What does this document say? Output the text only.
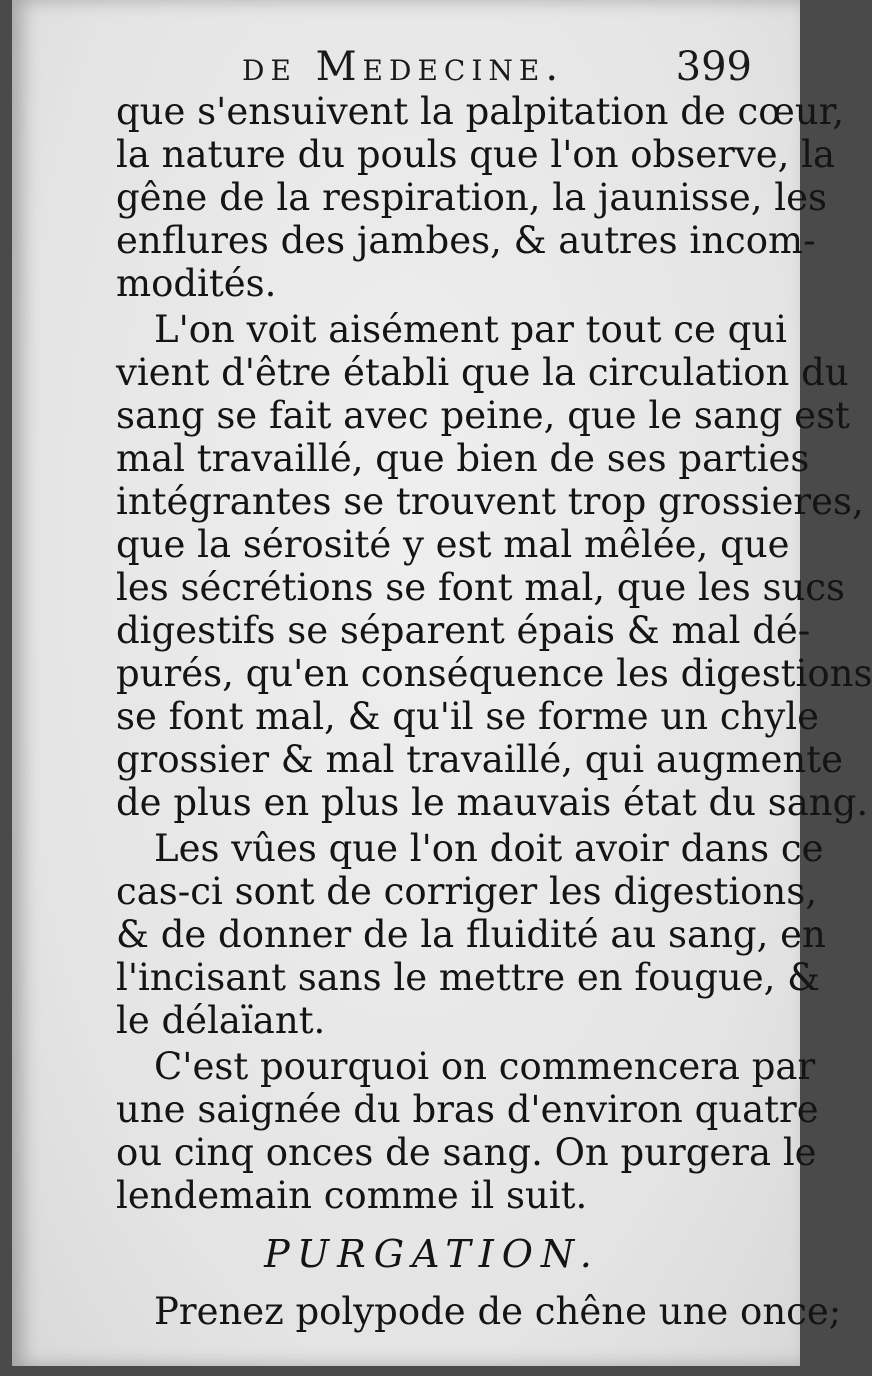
de Medecine.	399
que s'ensuivent la palpitation de cœur,
la nature du pouls que l'on observe, la
gêne de la respiration, la jaunisse, les
enflures des jambes, & autres incom-
modités.
L'on voit aisément par tout ce qui
vient d'être établi que la circulation du
sang se fait avec peine, que le sang est
mal travaillé, que bien de ses parties
intégrantes se trouvent trop grossieres,
que la sérosité y est mal mêlée, que
les sécrétions se font mal, que les sucs
digestifs se séparent épais & mal dé-
purés, qu'en conséquence les digestions
se font mal, & qu'il se forme un chyle
grossier & mal travaillé, qui augmente
de plus en plus le mauvais état du sang.
Les vûes que l'on doit avoir dans ce
cas-ci sont de corriger les digestions,
& de donner de la fluidité au sang, en
l'incisant sans le mettre en fougue, &
le délaïant.
C'est pourquoi on commencera par
une saignée du bras d'environ quatre
ou cinq onces de sang. On purgera le
lendemain comme il suit.
PURGATION.
Prenez polypode de chêne une once;
